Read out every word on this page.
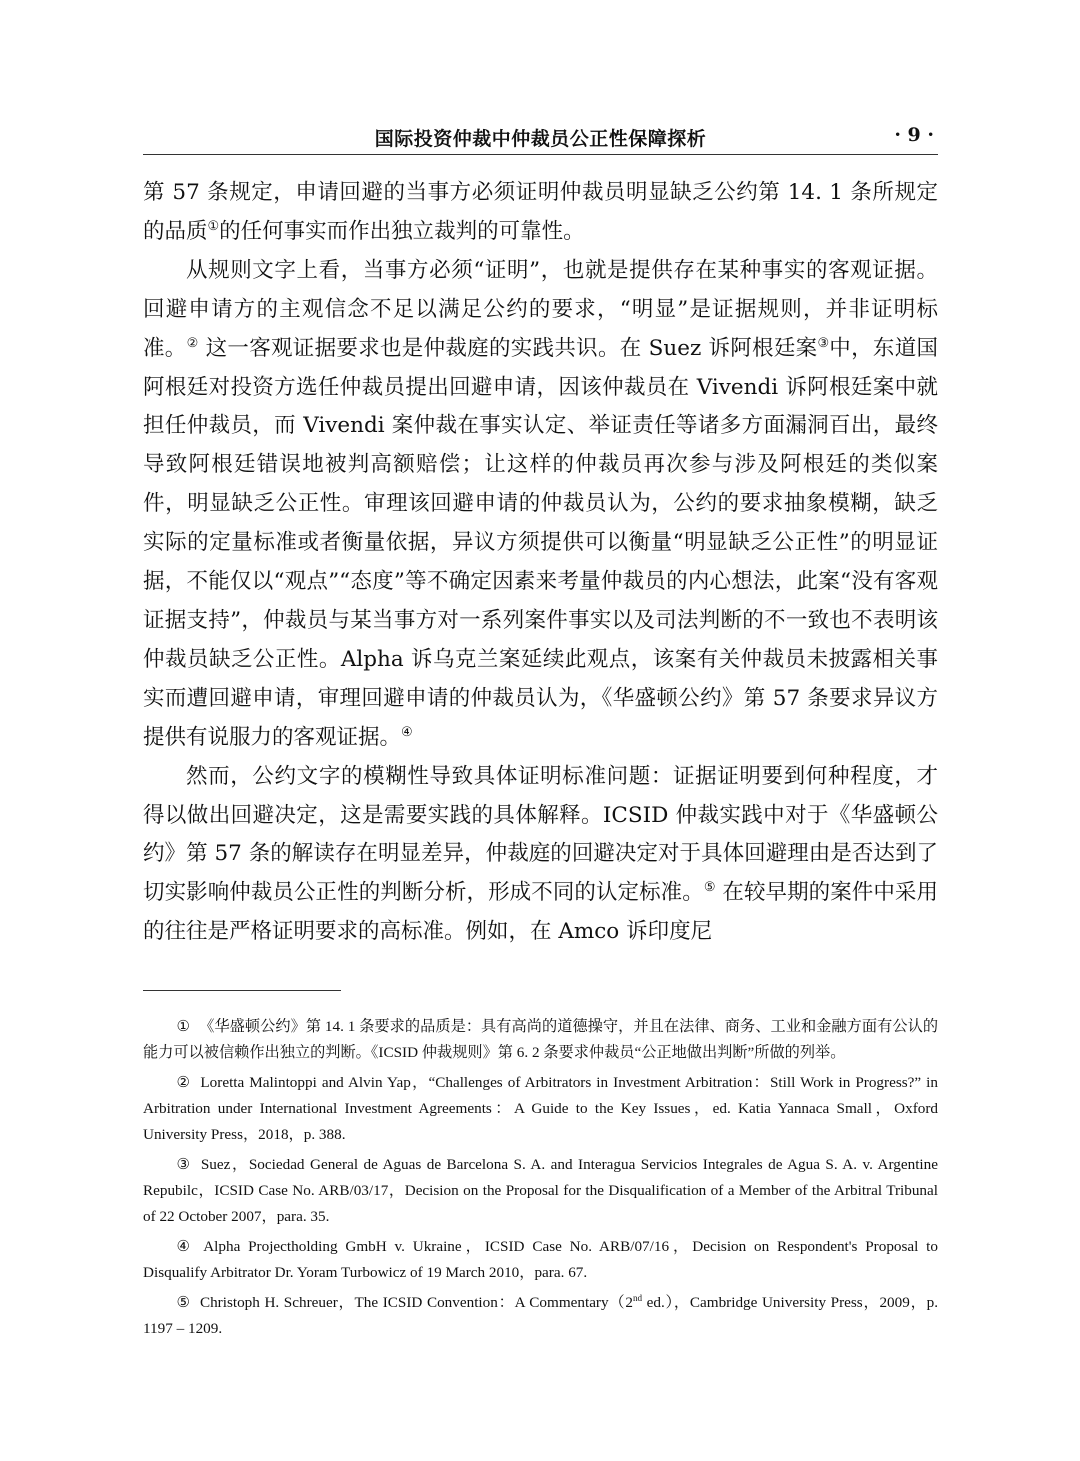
国际投资仲裁中仲裁员公正性保障探析	· 9 ·

第 57 条规定，申请回避的当事方必须证明仲裁员明显缺乏公约第 14. 1 条所规定的品质①的任何事实而作出独立裁判的可靠性。

从规则文字上看，当事方必须“证明”，也就是提供存在某种事实的客观证据。回避申请方的主观信念不足以满足公约的要求，“明显”是证据规则，并非证明标准。② 这一客观证据要求也是仲裁庭的实践共识。在 Suez 诉阿根廷案③中，东道国阿根廷对投资方选任仲裁员提出回避申请，因该仲裁员在 Vivendi 诉阿根廷案中就担任仲裁员，而 Vivendi 案仲裁在事实认定、举证责任等诸多方面漏洞百出，最终导致阿根廷错误地被判高额赔偿；让这样的仲裁员再次参与涉及阿根廷的类似案件，明显缺乏公正性。审理该回避申请的仲裁员认为，公约的要求抽象模糊，缺乏实际的定量标准或者衡量依据，异议方须提供可以衡量“明显缺乏公正性”的明显证据，不能仅以“观点”“态度”等不确定因素来考量仲裁员的内心想法，此案“没有客观证据支持”，仲裁员与某当事方对一系列案件事实以及司法判断的不一致也不表明该仲裁员缺乏公正性。Alpha 诉乌克兰案延续此观点，该案有关仲裁员未披露相关事实而遭回避申请，审理回避申请的仲裁员认为，《华盛顿公约》第 57 条要求异议方提供有说服力的客观证据。④

然而，公约文字的模糊性导致具体证明标准问题：证据证明要到何种程度，才得以做出回避决定，这是需要实践的具体解释。ICSID 仲裁实践中对于《华盛顿公约》第 57 条的解读存在明显差异，仲裁庭的回避决定对于具体回避理由是否达到了切实影响仲裁员公正性的判断分析，形成不同的认定标准。⑤ 在较早期的案件中采用的往往是严格证明要求的高标准。例如，在 Amco 诉印度尼

① 《华盛顿公约》第 14. 1 条要求的品质是：具有高尚的道德操守，并且在法律、商务、工业和金融方面有公认的能力可以被信赖作出独立的判断。《ICSID 仲裁规则》第 6. 2 条要求仲裁员“公正地做出判断”所做的列举。

② Loretta Malintoppi and Alvin Yap，“Challenges of Arbitrators in Investment Arbitration：Still Work in Progress?” in Arbitration under International Investment Agreements：A Guide to the Key Issues，ed. Katia Yannaca Small，Oxford University Press，2018，p. 388.

③ Suez，Sociedad General de Aguas de Barcelona S. A. and Interagua Servicios Integrales de Agua S. A. v. Argentine Repubilc，ICSID Case No. ARB/03/17，Decision on the Proposal for the Disqualification of a Member of the Arbitral Tribunal of 22 October 2007，para. 35.

④ Alpha Projectholding GmbH v. Ukraine，ICSID Case No. ARB/07/16，Decision on Respondent's Proposal to Disqualify Arbitrator Dr. Yoram Turbowicz of 19 March 2010，para. 67.

⑤ Christoph H. Schreuer，The ICSID Convention：A Commentary（2nd ed.），Cambridge University Press，2009，p. 1197 – 1209.
